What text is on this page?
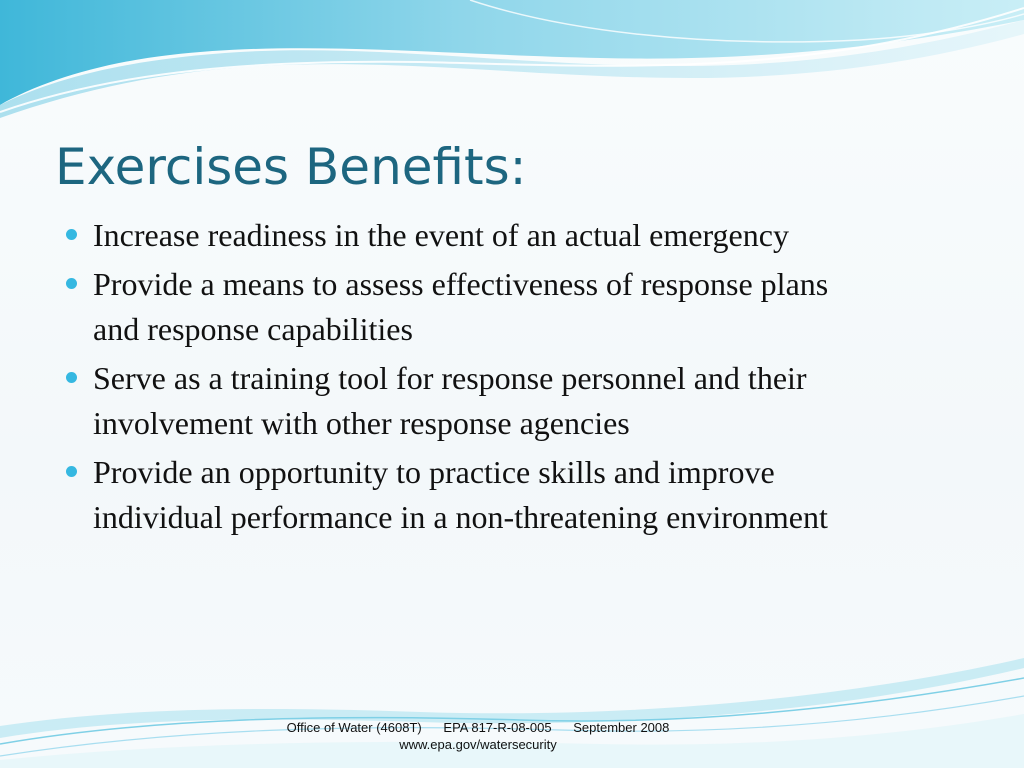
Exercises Benefits:
Increase readiness in the event of an actual emergency
Provide a means to assess effectiveness of response plans and response capabilities
Serve as a training tool for response personnel and their involvement with other response agencies
Provide an opportunity to practice skills and improve individual performance in a non-threatening environment
Office of Water (4608T) EPA 817-R-08-005 September 2008
www.epa.gov/watersecurity
